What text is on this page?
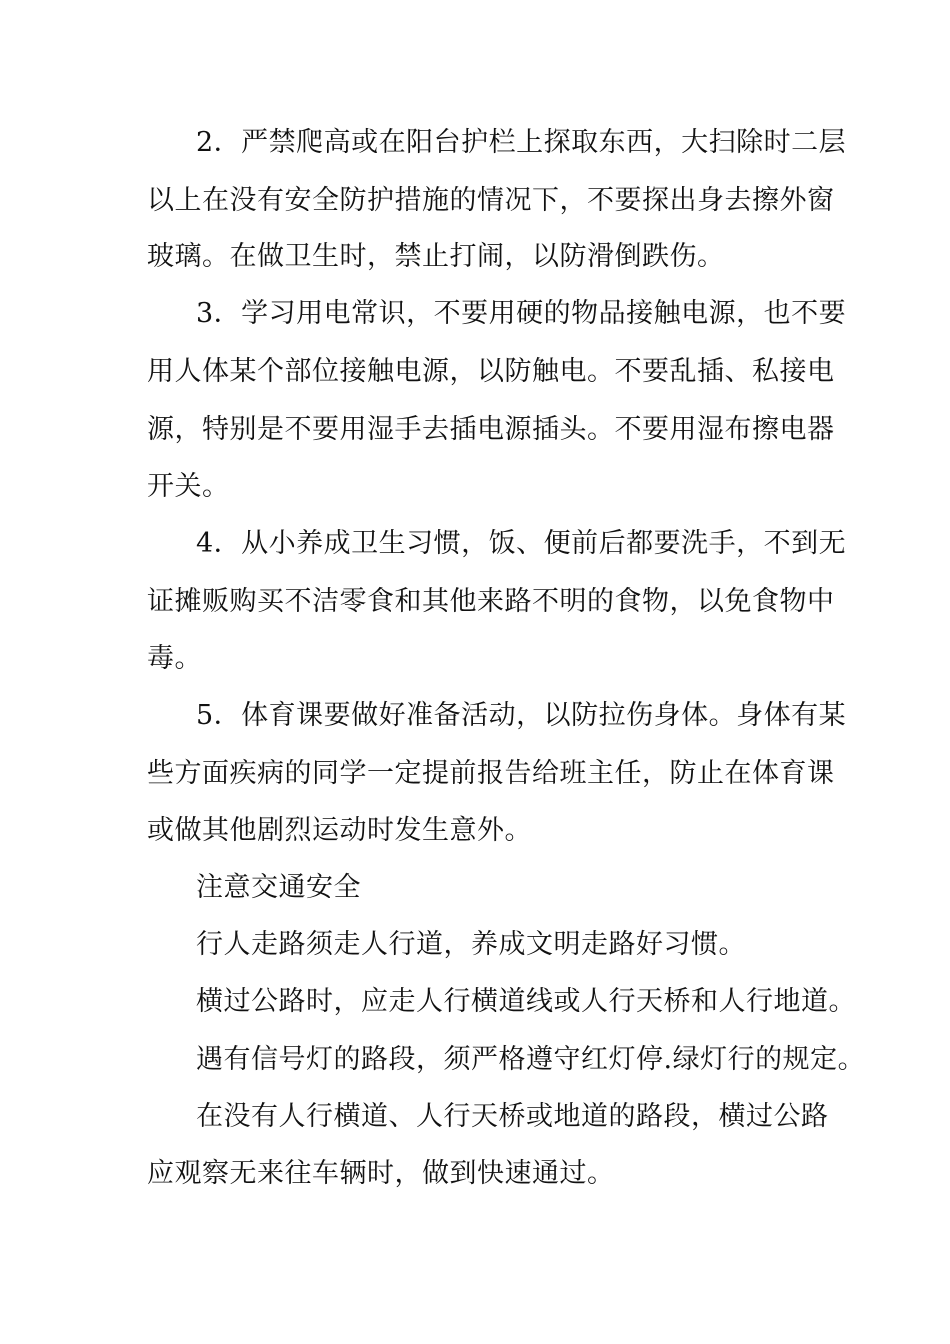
2．严禁爬高或在阳台护栏上探取东西，大扫除时二层
以上在没有安全防护措施的情况下，不要探出身去擦外窗
玻璃。在做卫生时，禁止打闹，以防滑倒跌伤。
3．学习用电常识，不要用硬的物品接触电源，也不要
用人体某个部位接触电源，以防触电。不要乱插、私接电
源，特别是不要用湿手去插电源插头。不要用湿布擦电器
开关。
4．从小养成卫生习惯，饭、便前后都要洗手，不到无
证摊贩购买不洁零食和其他来路不明的食物，以免食物中
毒。
5．体育课要做好准备活动，以防拉伤身体。身体有某
些方面疾病的同学一定提前报告给班主任，防止在体育课
或做其他剧烈运动时发生意外。
注意交通安全
行人走路须走人行道，养成文明走路好习惯。
横过公路时，应走人行横道线或人行天桥和人行地道。
遇有信号灯的路段，须严格遵守红灯停.绿灯行的规定。
在没有人行横道、人行天桥或地道的路段，横过公路
应观察无来往车辆时，做到快速通过。
